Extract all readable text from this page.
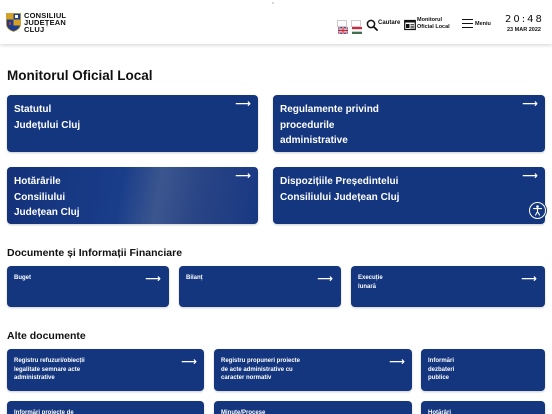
CONSILIUL
JUDEȚEAN
CLUJ
Cautare	Monitorul
Oficial Local	Meniu 20:48
23 MAR 2022
Monitorul Oficial Local
Statutul
Județului Cluj
⟶	Regulamente privind
procedurile
administrative
⟶
Hotărârile
Consiliului
Județean Cluj
⟶	Dispozițiile Președintelui
Consiliului Județean Cluj
⟶
Documente și Informații Financiare
Buget	⟶	Bilanț	⟶	Execuție
lunară
⟶
Alte documente
Registru refuzuri/obiecții
legalitate semnare acte
administrative
⟶	Registru propuneri proiecte
de acte administrative cu
caracter normativ
⟶	Informări
dezbateri
publice
Informări proiecte de	Minute/Procese	Hotărâri
